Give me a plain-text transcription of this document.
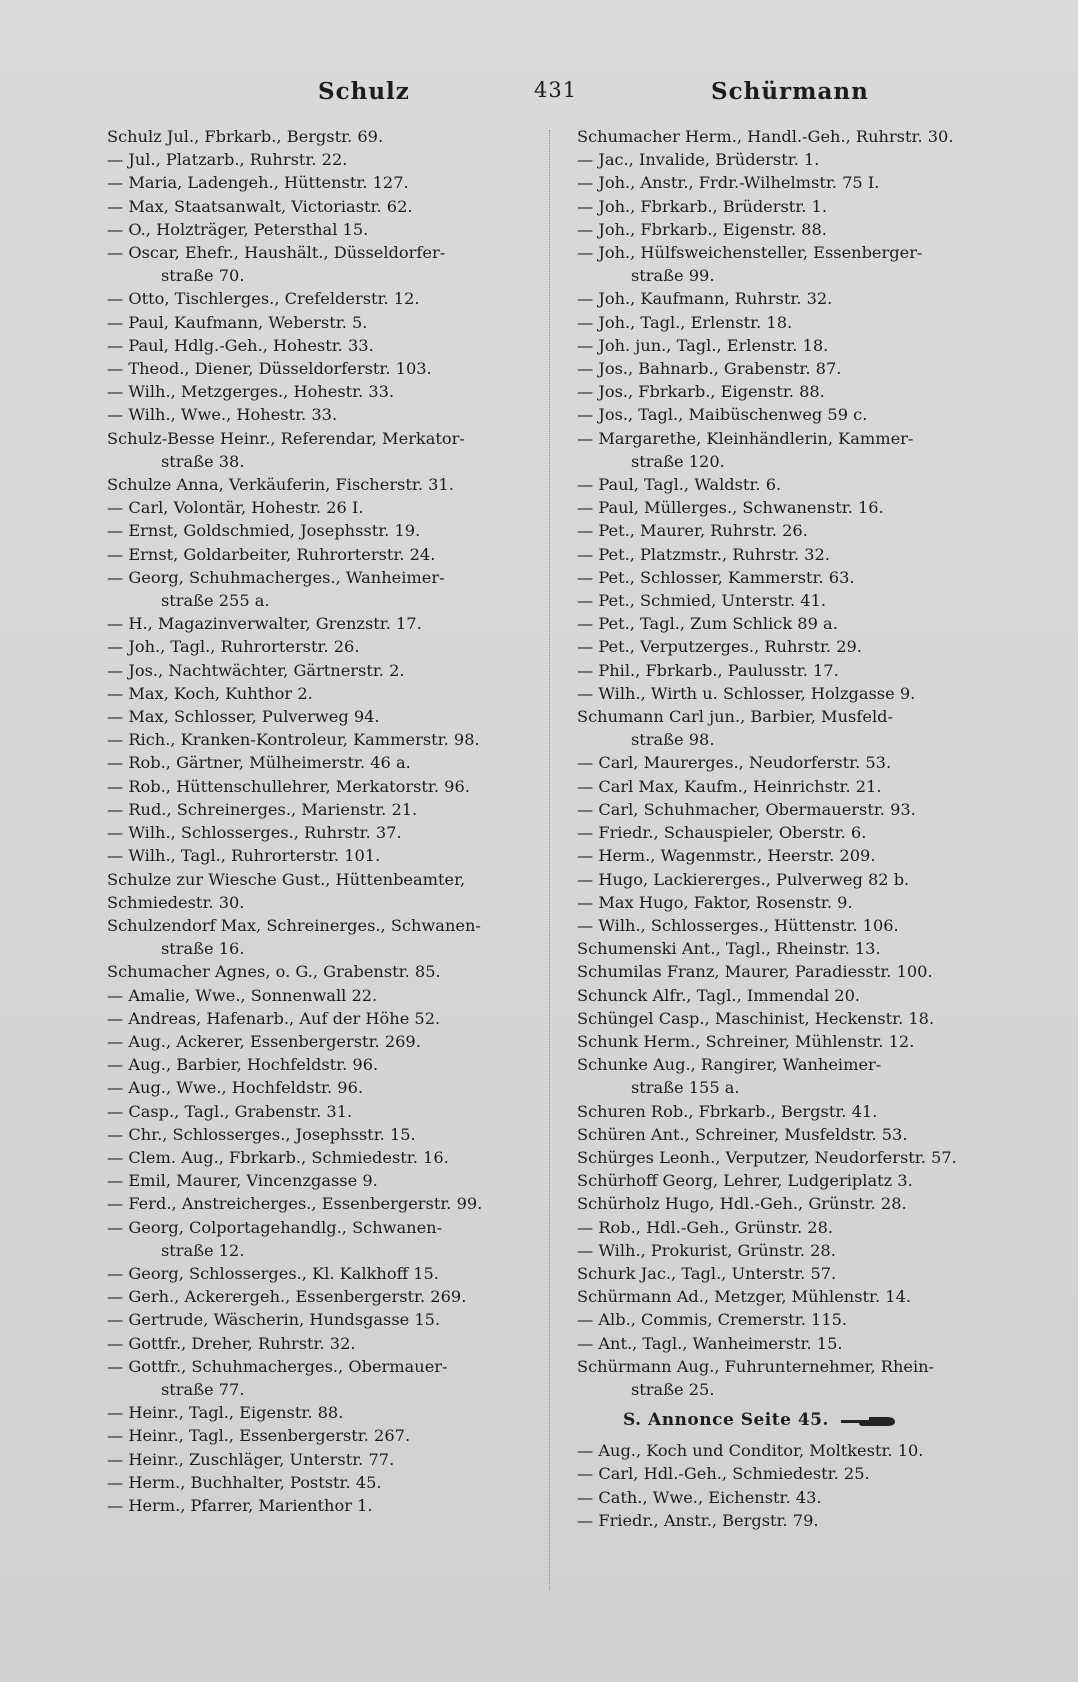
Schulz	431	Schürmann
Schulz Jul., Fbrkarb., Bergstr. 69.
— Jul., Platzarb., Ruhrstr. 22.
— Maria, Ladengeh., Hüttenstr. 127.
— Max, Staatsanwalt, Victoriastr. 62.
— O., Holzträger, Petersthal 15.
— Oscar, Ehefr., Haushält., Düsseldorfer-
straße 70.
— Otto, Tischlerges., Crefelderstr. 12.
— Paul, Kaufmann, Weberstr. 5.
— Paul, Hdlg.-Geh., Hohestr. 33.
— Theod., Diener, Düsseldorferstr. 103.
— Wilh., Metzgerges., Hohestr. 33.
— Wilh., Wwe., Hohestr. 33.
Schulz-Besse Heinr., Referendar, Merkator-
straße 38.
Schulze Anna, Verkäuferin, Fischerstr. 31.
— Carl, Volontär, Hohestr. 26 I.
— Ernst, Goldschmied, Josephsstr. 19.
— Ernst, Goldarbeiter, Ruhrorterstr. 24.
— Georg, Schuhmacherges., Wanheimer-
straße 255 a.
— H., Magazinverwalter, Grenzstr. 17.
— Joh., Tagl., Ruhrorterstr. 26.
— Jos., Nachtwächter, Gärtnerstr. 2.
— Max, Koch, Kuhthor 2.
— Max, Schlosser, Pulverweg 94.
— Rich., Kranken-Kontroleur, Kammerstr. 98.
— Rob., Gärtner, Mülheimerstr. 46 a.
— Rob., Hüttenschullehrer, Merkatorstr. 96.
— Rud., Schreinerges., Marienstr. 21.
— Wilh., Schlosserges., Ruhrstr. 37.
— Wilh., Tagl., Ruhrorterstr. 101.
Schulze zur Wiesche Gust., Hüttenbeamter,
Schmiedestr. 30.
Schulzendorf Max, Schreinerges., Schwanen-
straße 16.
Schumacher Agnes, o. G., Grabenstr. 85.
— Amalie, Wwe., Sonnenwall 22.
— Andreas, Hafenarb., Auf der Höhe 52.
— Aug., Ackerer, Essenbergerstr. 269.
— Aug., Barbier, Hochfeldstr. 96.
— Aug., Wwe., Hochfeldstr. 96.
— Casp., Tagl., Grabenstr. 31.
— Chr., Schlosserges., Josephsstr. 15.
— Clem. Aug., Fbrkarb., Schmiedestr. 16.
— Emil, Maurer, Vincenzgasse 9.
— Ferd., Anstreicherges., Essenbergerstr. 99.
— Georg, Colportagehandlg., Schwanen-
straße 12.
— Georg, Schlosserges., Kl. Kalkhoff 15.
— Gerh., Ackerergeh., Essenbergerstr. 269.
— Gertrude, Wäscherin, Hundsgasse 15.
— Gottfr., Dreher, Ruhrstr. 32.
— Gottfr., Schuhmacherges., Obermauer-
straße 77.
— Heinr., Tagl., Eigenstr. 88.
— Heinr., Tagl., Essenbergerstr. 267.
— Heinr., Zuschläger, Unterstr. 77.
— Herm., Buchhalter, Poststr. 45.
— Herm., Pfarrer, Marienthor 1.
Schumacher Herm., Handl.-Geh., Ruhrstr. 30.
— Jac., Invalide, Brüderstr. 1.
— Joh., Anstr., Frdr.-Wilhelmstr. 75 I.
— Joh., Fbrkarb., Brüderstr. 1.
— Joh., Fbrkarb., Eigenstr. 88.
— Joh., Hülfsweichensteller, Essenberger-
straße 99.
— Joh., Kaufmann, Ruhrstr. 32.
— Joh., Tagl., Erlenstr. 18.
— Joh. jun., Tagl., Erlenstr. 18.
— Jos., Bahnarb., Grabenstr. 87.
— Jos., Fbrkarb., Eigenstr. 88.
— Jos., Tagl., Maibüschenweg 59 c.
— Margarethe, Kleinhändlerin, Kammer-
straße 120.
— Paul, Tagl., Waldstr. 6.
— Paul, Müllerges., Schwanenstr. 16.
— Pet., Maurer, Ruhrstr. 26.
— Pet., Platzmstr., Ruhrstr. 32.
— Pet., Schlosser, Kammerstr. 63.
— Pet., Schmied, Unterstr. 41.
— Pet., Tagl., Zum Schlick 89 a.
— Pet., Verputzerges., Ruhrstr. 29.
— Phil., Fbrkarb., Paulusstr. 17.
— Wilh., Wirth u. Schlosser, Holzgasse 9.
Schumann Carl jun., Barbier, Musfeld-
straße 98.
— Carl, Maurerges., Neudorferstr. 53.
— Carl Max, Kaufm., Heinrichstr. 21.
— Carl, Schuhmacher, Obermauerstr. 93.
— Friedr., Schauspieler, Oberstr. 6.
— Herm., Wagenmstr., Heerstr. 209.
— Hugo, Lackiererges., Pulverweg 82 b.
— Max Hugo, Faktor, Rosenstr. 9.
— Wilh., Schlosserges., Hüttenstr. 106.
Schumenski Ant., Tagl., Rheinstr. 13.
Schumilas Franz, Maurer, Paradiesstr. 100.
Schunck Alfr., Tagl., Immendal 20.
Schüngel Casp., Maschinist, Heckenstr. 18.
Schunk Herm., Schreiner, Mühlenstr. 12.
Schunke Aug., Rangirer, Wanheimer-
straße 155 a.
Schuren Rob., Fbrkarb., Bergstr. 41.
Schüren Ant., Schreiner, Musfeldstr. 53.
Schürges Leonh., Verputzer, Neudorferstr. 57.
Schürhoff Georg, Lehrer, Ludgeriplatz 3.
Schürholz Hugo, Hdl.-Geh., Grünstr. 28.
— Rob., Hdl.-Geh., Grünstr. 28.
— Wilh., Prokurist, Grünstr. 28.
Schurk Jac., Tagl., Unterstr. 57.
Schürmann Ad., Metzger, Mühlenstr. 14.
— Alb., Commis, Cremerstr. 115.
— Ant., Tagl., Wanheimerstr. 15.
Schürmann Aug., Fuhrunternehmer, Rhein-
straße 25.
S. Annonce Seite 45.
— Aug., Koch und Conditor, Moltkestr. 10.
— Carl, Hdl.-Geh., Schmiedestr. 25.
— Cath., Wwe., Eichenstr. 43.
— Friedr., Anstr., Bergstr. 79.
